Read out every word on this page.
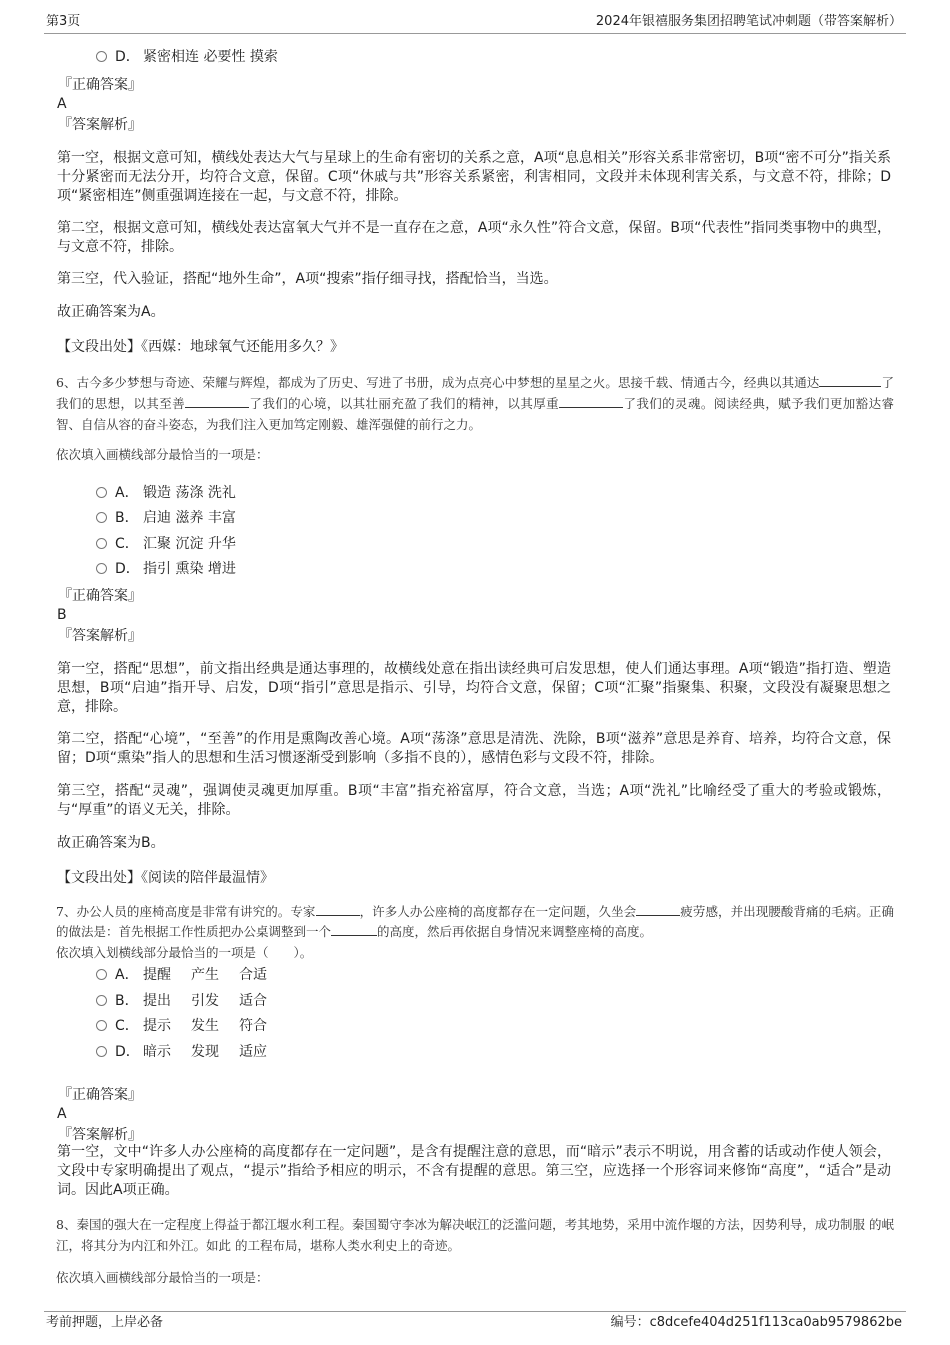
第3页	2024年银禧服务集团招聘笔试冲刺题（带答案解析）
D． 紧密相连 必要性 摸索
『正确答案』
A
『答案解析』
第一空，根据文意可知，横线处表达大气与星球上的生命有密切的关系之意，A项“息息相关”形容关系非常密切，B项“密不可分”指关系十分紧密而无法分开，均符合文意，保留。C项“休戚与共”形容关系紧密，利害相同，文段并未体现利害关系，与文意不符，排除；D项“紧密相连”侧重强调连接在一起，与文意不符，排除。
第二空，根据文意可知，横线处表达富氧大气并不是一直存在之意，A项“永久性”符合文意，保留。B项“代表性”指同类事物中的典型，与文意不符，排除。
第三空，代入验证，搭配“地外生命”，A项“搜索”指仔细寻找，搭配恰当，当选。
故正确答案为A。
【文段出处】《西媒：地球氧气还能用多久？》
6、古今多少梦想与奇迹、荣耀与辉煌，都成为了历史、写进了书册，成为点亮心中梦想的星星之火。思接千载、情通古今，经典以其通达	了我们的思想，以其至善	了我们的心境，以其壮丽充盈了我们的精神，以其厚重	了我们的灵魂。阅读经典，赋予我们更加豁达睿智、自信从容的奋斗姿态，为我们注入更加笃定刚毅、雄浑强健的前行之力。
依次填入画横线部分最恰当的一项是：
A． 锻造 荡涤 洗礼
B． 启迪 滋养 丰富
C． 汇聚 沉淀 升华
D． 指引 熏染 增进
『正确答案』
B
『答案解析』
第一空，搭配“思想”，前文指出经典是通达事理的，故横线处意在指出读经典可启发思想，使人们通达事理。A项“锻造”指打造、塑造思想，B项“启迪”指开导、启发，D项“指引”意思是指示、引导，均符合文意，保留；C项“汇聚”指聚集、积聚，文段没有凝聚思想之意，排除。
第二空，搭配“心境”，“至善”的作用是熏陶改善心境。A项“荡涤”意思是清洗、洗除，B项“滋养”意思是养育、培养，均符合文意，保留；D项“熏染”指人的思想和生活习惯逐渐受到影响（多指不良的），感情色彩与文段不符，排除。
第三空，搭配“灵魂”，强调使灵魂更加厚重。B项“丰富”指充裕富厚，符合文意，当选；A项“洗礼”比喻经受了重大的考验或锻炼，与“厚重”的语义无关，排除。
故正确答案为B。
【文段出处】《阅读的陪伴最温情》
7、办公人员的座椅高度是非常有讲究的。专家	，许多人办公座椅的高度都存在一定问题，久坐会	疲劳感，并出现腰酸背痛的毛病。正确的做法是：首先根据工作性质把办公桌调整到一个	的高度，然后再依据自身情况来调整座椅的高度。
依次填入划横线部分最恰当的一项是（　　）。
A． 提醒 产生 合适
B． 提出 引发 适合
C． 提示 发生 符合
D． 暗示 发现 适应
『正确答案』
A
『答案解析』
第一空，文中“许多人办公座椅的高度都存在一定问题”，是含有提醒注意的意思，而“暗示”表示不明说，用含蓄的话或动作使人领会，文段中专家明确提出了观点，“提示”指给予相应的明示，不含有提醒的意思。第三空，应选择一个形容词来修饰“高度”，“适合”是动词。因此A项正确。
8、秦国的强大在一定程度上得益于都江堰水利工程。秦国蜀守李冰为解决岷江的泛滥问题，考其地势，采用中流作堰的方法，因势利导，成功制服 的岷江，将其分为内江和外江。如此 的工程布局，堪称人类水利史上的奇迹。
依次填入画横线部分最恰当的一项是：
考前押题，上岸必备	编号：c8dcefe404d251f113ca0ab9579862be
